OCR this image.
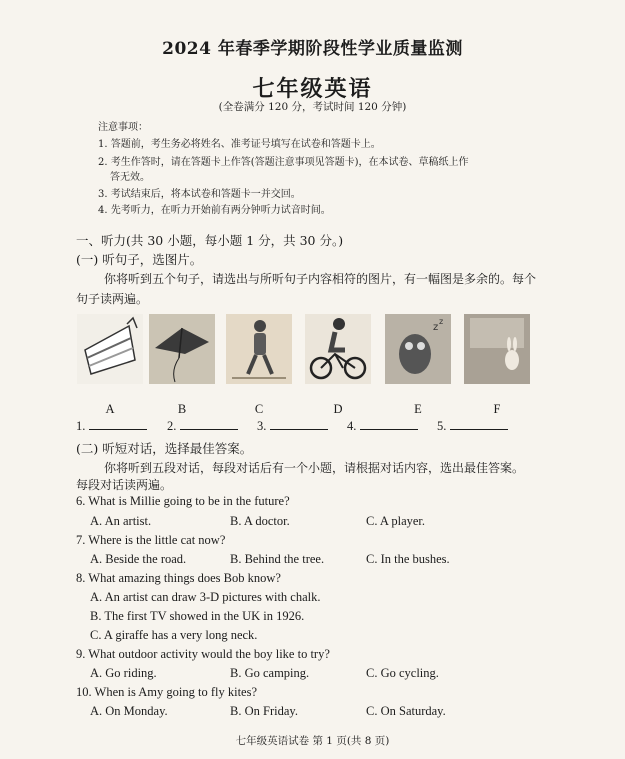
2024 年春季学期阶段性学业质量监测
七年级英语
(全卷满分 120 分，考试时间 120 分钟)
注意事项：
1. 答题前，考生务必将姓名、准考证号填写在试卷和答题卡上。
2. 考生作答时，请在答题卡上作答(答题注意事项见答题卡)，在本试卷、草稿纸上作
答无效。
3. 考试结束后，将本试卷和答题卡一并交回。
4. 先考听力，在听力开始前有两分钟听力试音时间。
一、听力(共 30 小题，每小题 1 分，共 30 分。)
(一) 听句子，选图片。
你将听到五个句子，请选出与所听句子内容相符的图片，有一幅图是多余的。每个
句子读两遍。
z
z
A	B	C	D	E	F
1.	2.	3.	4.	5.
(二) 听短对话，选择最佳答案。
你将听到五段对话，每段对话后有一个小题，请根据对话内容，选出最佳答案。
每段对话读两遍。
6. What is Millie going to be in the future?
A. An artist.	B. A doctor.	C. A player.
7. Where is the little cat now?
A. Beside the road.	B. Behind the tree.	C. In the bushes.
8. What amazing things does Bob know?
A. An artist can draw 3-D pictures with chalk.
B. The first TV showed in the UK in 1926.
C. A giraffe has a very long neck.
9. What outdoor activity would the boy like to try?
A. Go riding.	B. Go camping.	C. Go cycling.
10. When is Amy going to fly kites?
A. On Monday.	B. On Friday.	C. On Saturday.
七年级英语试卷 第 1 页(共 8 页)
